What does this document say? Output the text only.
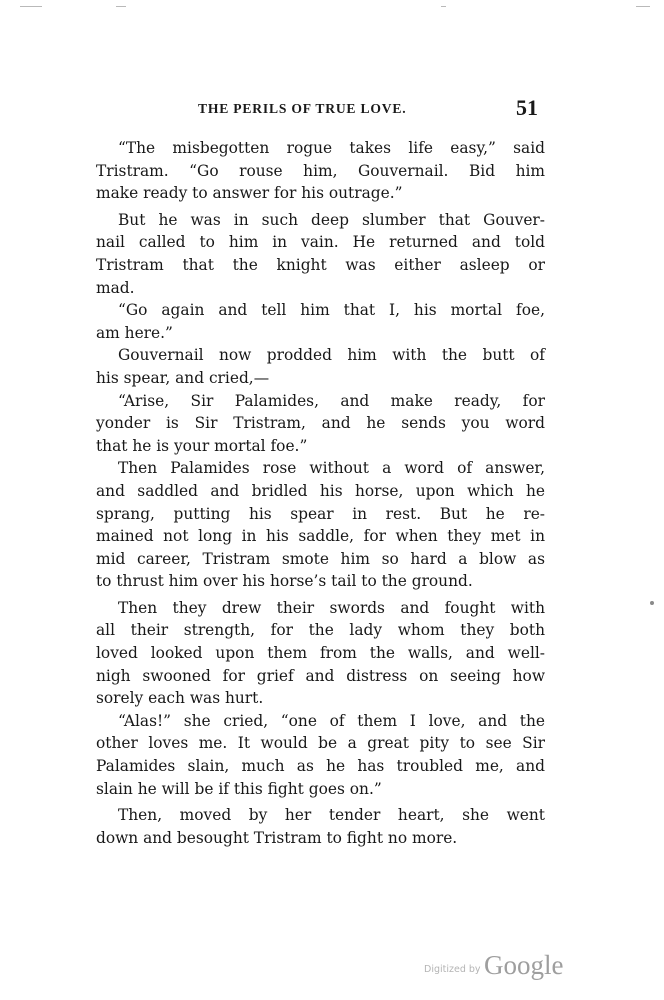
THE PERILS OF TRUE LOVE.	51
“The misbegotten rogue takes life easy,” said
Tristram. “Go rouse him, Gouvernail. Bid him
make ready to answer for his outrage.”
But he was in such deep slumber that Gouver-
nail called to him in vain. He returned and told
Tristram that the knight was either asleep or
mad.
“Go again and tell him that I, his mortal foe,
am here.”
Gouvernail now prodded him with the butt of
his spear, and cried,—
“Arise, Sir Palamides, and make ready, for
yonder is Sir Tristram, and he sends you word
that he is your mortal foe.”
Then Palamides rose without a word of answer,
and saddled and bridled his horse, upon which he
sprang, putting his spear in rest. But he re-
mained not long in his saddle, for when they met in
mid career, Tristram smote him so hard a blow as
to thrust him over his horse’s tail to the ground.
Then they drew their swords and fought with
all their strength, for the lady whom they both
loved looked upon them from the walls, and well-
nigh swooned for grief and distress on seeing how
sorely each was hurt.
“Alas!” she cried, “one of them I love, and the
other loves me. It would be a great pity to see Sir
Palamides slain, much as he has troubled me, and
slain he will be if this fight goes on.”
Then, moved by her tender heart, she went
down and besought Tristram to fight no more.
Digitized by Google
